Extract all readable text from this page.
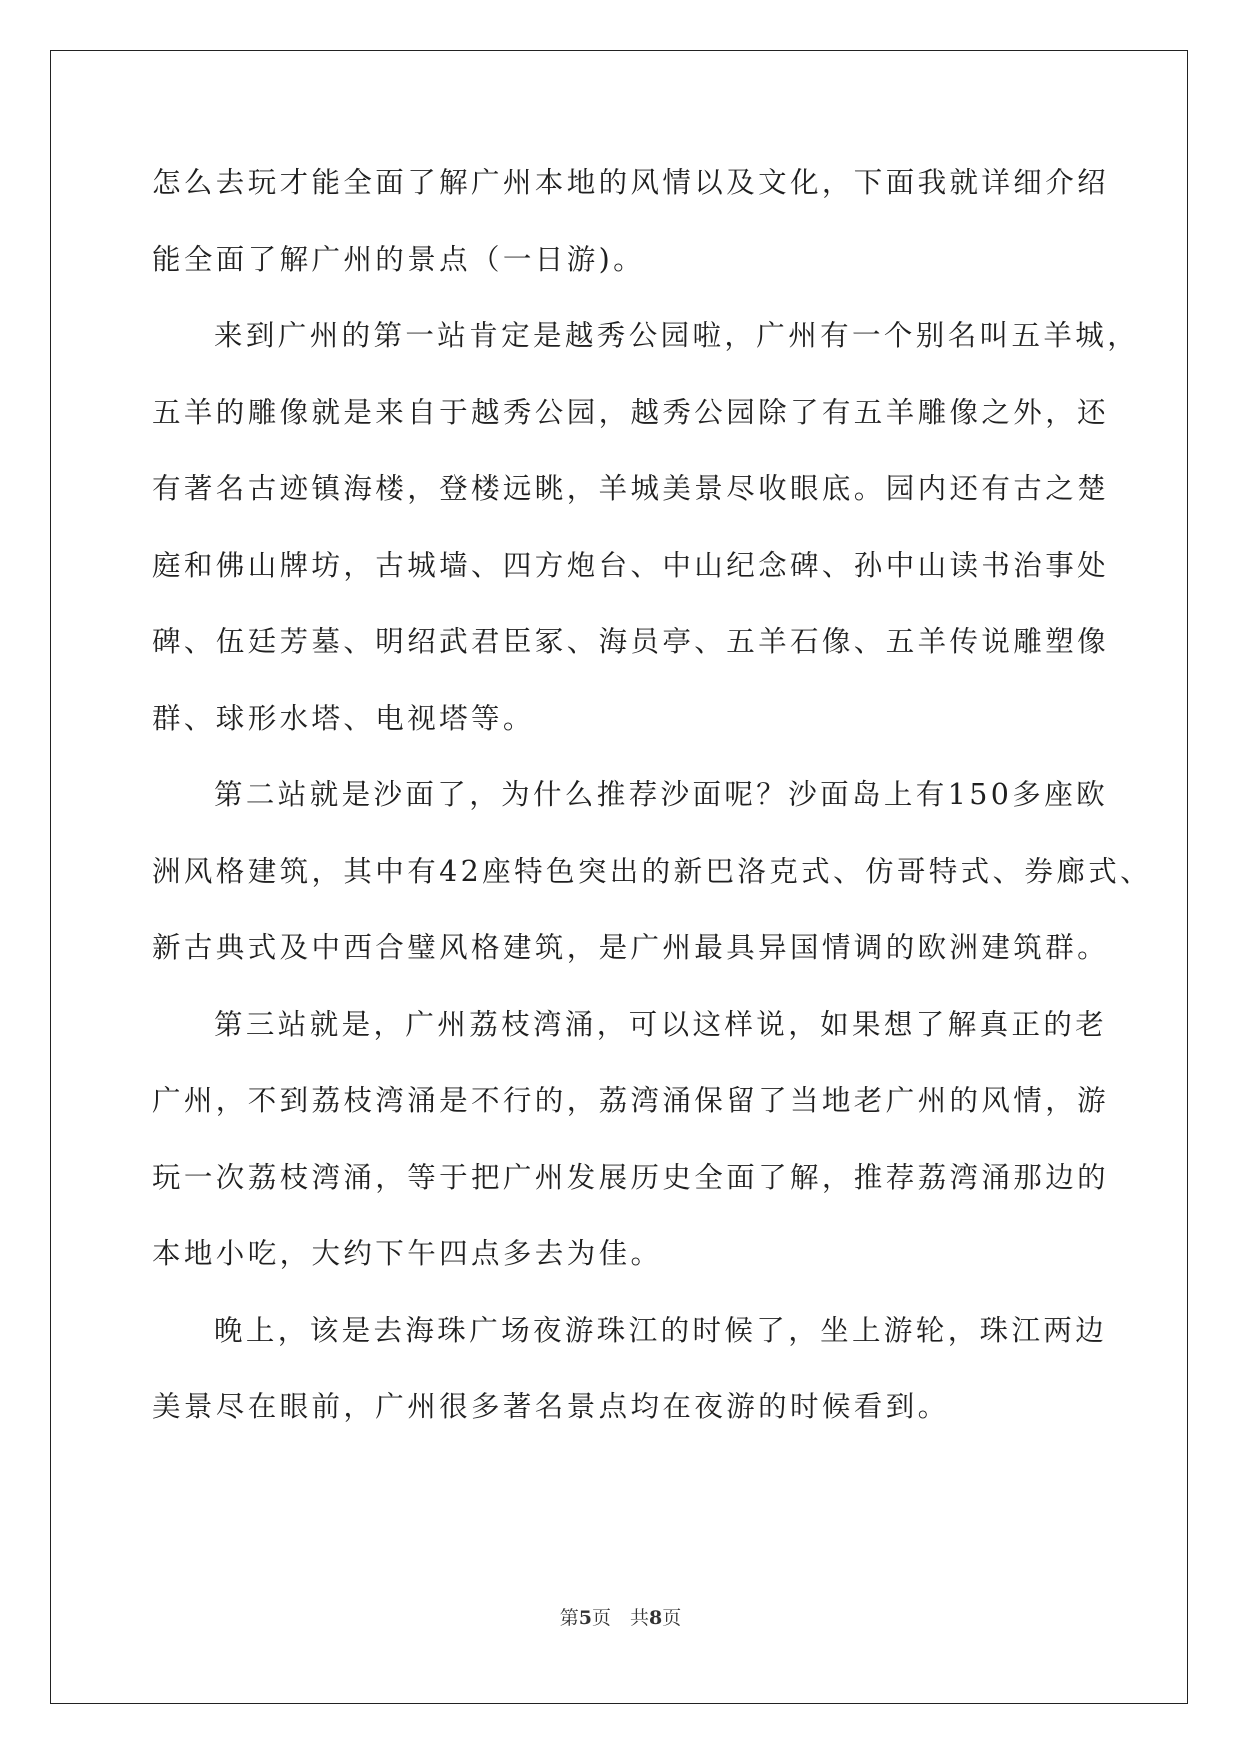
怎么去玩才能全面了解广州本地的风情以及文化，下面我就详细介绍
能全面了解广州的景点（一日游)。
来到广州的第一站肯定是越秀公园啦，广州有一个别名叫五羊城，
五羊的雕像就是来自于越秀公园，越秀公园除了有五羊雕像之外，还
有著名古迹镇海楼，登楼远眺，羊城美景尽收眼底。园内还有古之楚
庭和佛山牌坊，古城墙、四方炮台、中山纪念碑、孙中山读书治事处
碑、伍廷芳墓、明绍武君臣冢、海员亭、五羊石像、五羊传说雕塑像
群、球形水塔、电视塔等。
第二站就是沙面了，为什么推荐沙面呢？沙面岛上有150多座欧
洲风格建筑，其中有42座特色突出的新巴洛克式、仿哥特式、券廊式、
新古典式及中西合璧风格建筑，是广州最具异国情调的欧洲建筑群。
第三站就是，广州荔枝湾涌，可以这样说，如果想了解真正的老
广州，不到荔枝湾涌是不行的，荔湾涌保留了当地老广州的风情，游
玩一次荔枝湾涌，等于把广州发展历史全面了解，推荐荔湾涌那边的
本地小吃，大约下午四点多去为佳。
晚上，该是去海珠广场夜游珠江的时候了，坐上游轮，珠江两边
美景尽在眼前，广州很多著名景点均在夜游的时候看到。
第5页　共8页
